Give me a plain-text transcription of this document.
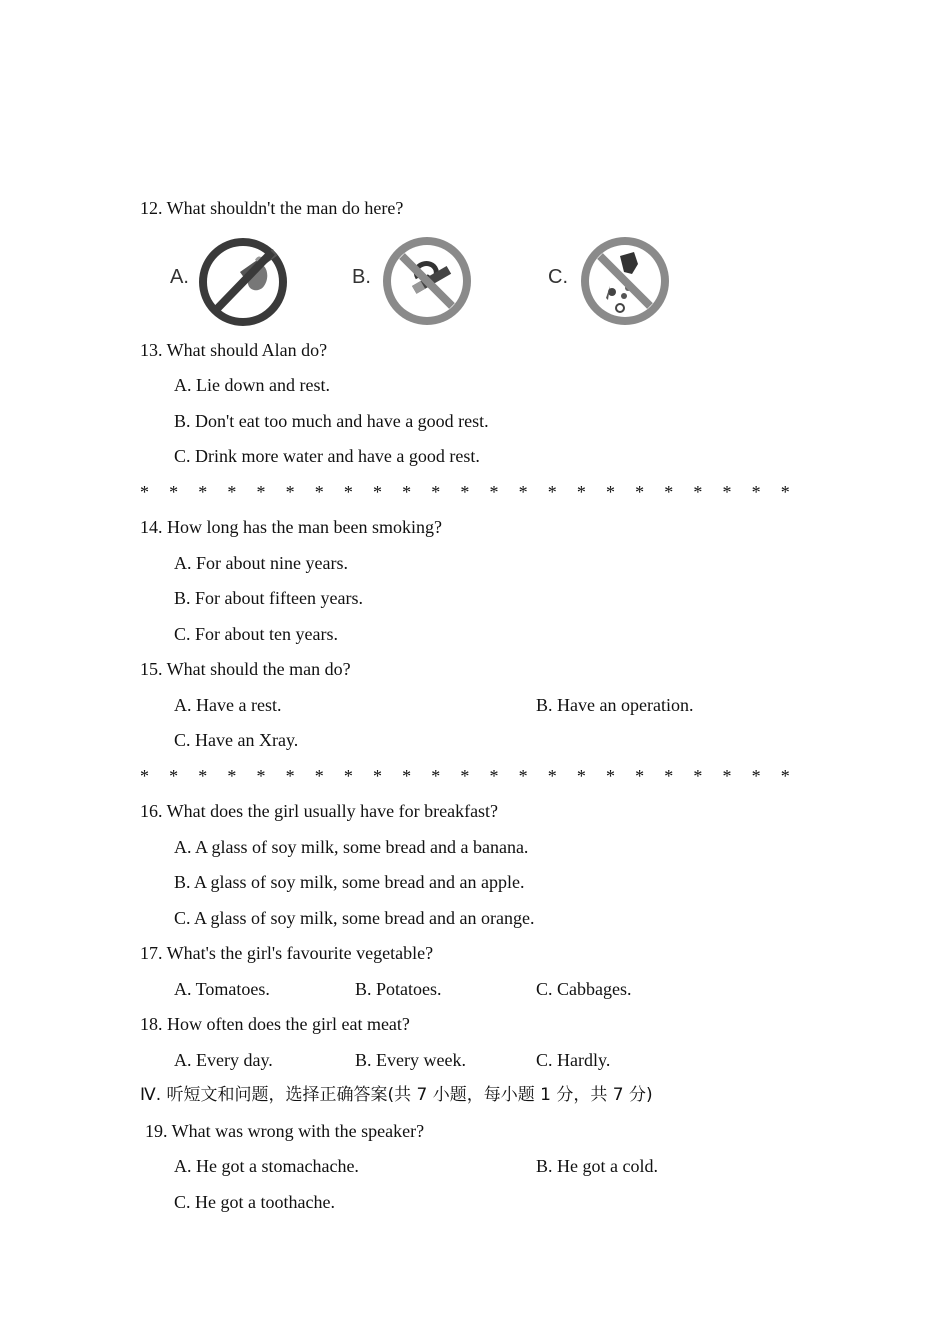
12. What shouldn't the man do here?
A.	B.	C.
13. What should Alan do?
A. Lie down and rest.
B. Don't eat too much and have a good rest.
C. Drink more water and have a good rest.
* * * * * * * * * * * * * * * * * * * * * * *
14. How long has the man been smoking?
A. For about nine years.
B. For about fifteen years.
C. For about ten years.
15. What should the man do?
A. Have a rest.	B. Have an operation.
C. Have an Xray.
* * * * * * * * * * * * * * * * * * * * * * *
16. What does the girl usually have for breakfast?
A. A glass of soy milk, some bread and a banana.
B. A glass of soy milk, some bread and an apple.
C. A glass of soy milk, some bread and an orange.
17. What's the girl's favourite vegetable?
A. Tomatoes.	B. Potatoes.	C. Cabbages.
18. How often does the girl eat meat?
A. Every day.	B. Every week.	C. Hardly.
Ⅳ. 听短文和问题，选择正确答案(共 7 小题，每小题 1 分，共 7 分)
19. What was wrong with the speaker?
A. He got a stomachache.	B. He got a cold.
C. He got a toothache.
